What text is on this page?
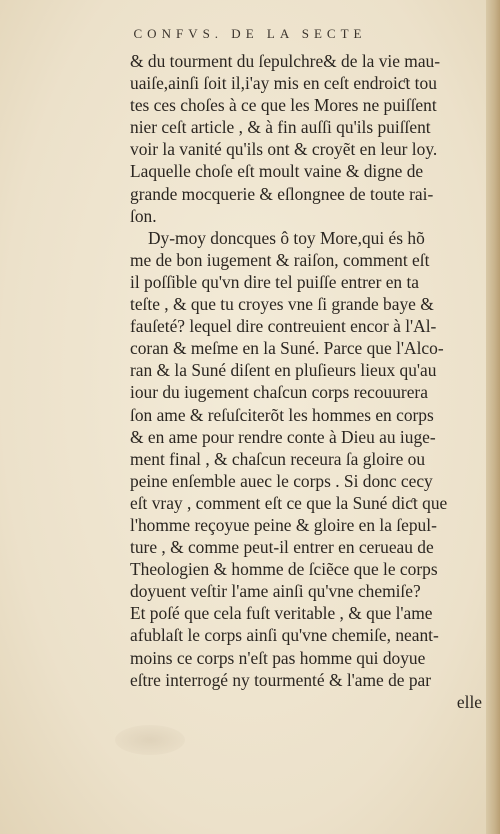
CONFVS. DE LA SECTE
& du tourment du ſepulchre& de la vie mau-
uaiſe,ainſi ſoit il,i'ay mis en ceſt endroiƈt tou
tes ces choſes à ce que les Mores ne puiſſent
nier ceſt article , & à fin auſſi qu'ils puiſſent
voir la vanité qu'ils ont & croyẽt en leur loy.
Laquelle choſe eſt moult vaine & digne de
grande mocquerie & eſlongnee de toute rai-
ſon.
Dy-moy doncques ô toy More,qui és hõ
me de bon iugement & raiſon, comment eſt
il poſſible qu'vn dire tel puiſſe entrer en ta
teſte , & que tu croyes vne ſi grande baye &
fauſeté? lequel dire contreuient encor à l'Al-
coran & meſme en la Suné. Parce que l'Alco-
ran & la Suné diſent en pluſieurs lieux qu'au
iour du iugement chaſcun corps recouurera
ſon ame & reſuſciterõt les hommes en corps
& en ame pour rendre conte à Dieu au iuge-
ment final , & chaſcun receura ſa gloire ou
peine enſemble auec le corps . Si donc cecy
eſt vray , comment eſt ce que la Suné diƈt que
l'homme reçoyue peine & gloire en la ſepul-
ture , & comme peut-il entrer en cerueau de
Theologien & homme de ſciẽce que le corps
doyuent veſtir l'ame ainſi qu'vne chemiſe?
Et poſé que cela fuſt veritable , & que l'ame
afublaſt le corps ainſi qu'vne chemiſe, neant-
moins ce corps n'eſt pas homme qui doyue
eſtre interrogé ny tourmenté & l'ame de par
elle
